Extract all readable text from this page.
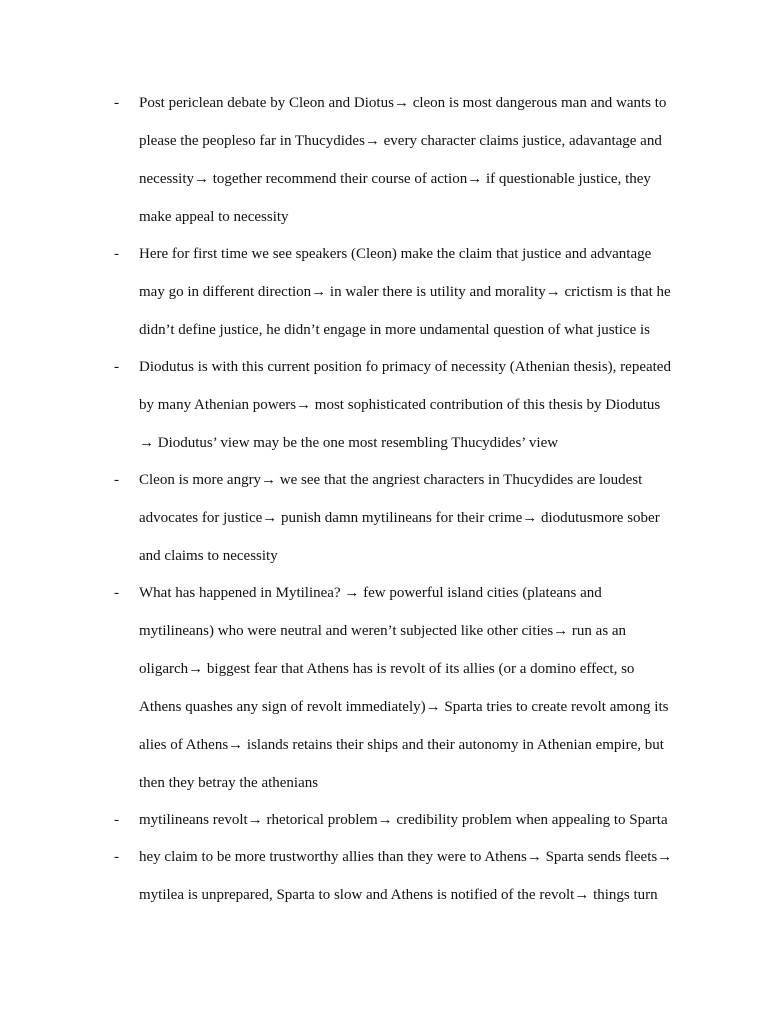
- Post periclean debate by Cleon and Diotus→ cleon is most dangerous man and wants to
please the peopleso far in Thucydides→ every character claims justice, adavantage and
necessity→ together recommend their course of action→ if questionable justice, they
make appeal to necessity
- Here for first time we see speakers (Cleon) make the claim that justice and advantage
may go in different direction→ in waler there is utility and morality→ crictism is that he
didn’t define justice, he didn’t engage in more undamental question of what justice is
- Diodutus is with this current position fo primacy of necessity (Athenian thesis), repeated
by many Athenian powers→ most sophisticated contribution of this thesis by Diodutus
→ Diodutus’ view may be the one most resembling Thucydides’ view
- Cleon is more angry→ we see that the angriest characters in Thucydides are loudest
advocates for justice→ punish damn mytilineans for their crime→ diodutusmore sober
and claims to necessity
- What has happened in Mytilinea? → few powerful island cities (plateans and
mytilineans) who were neutral and weren’t subjected like other cities→ run as an
oligarch→ biggest fear that Athens has is revolt of its allies (or a domino effect, so
Athens quashes any sign of revolt immediately)→ Sparta tries to create revolt among its
alies of Athens→ islands retains their ships and their autonomy in Athenian empire, but
then they betray the athenians
- mytilineans revolt→ rhetorical problem→ credibility problem when appealing to Sparta
- hey claim to be more trustworthy allies than they were to Athens→ Sparta sends fleets→
mytilea is unprepared, Sparta to slow and Athens is notified of the revolt→ things turn
